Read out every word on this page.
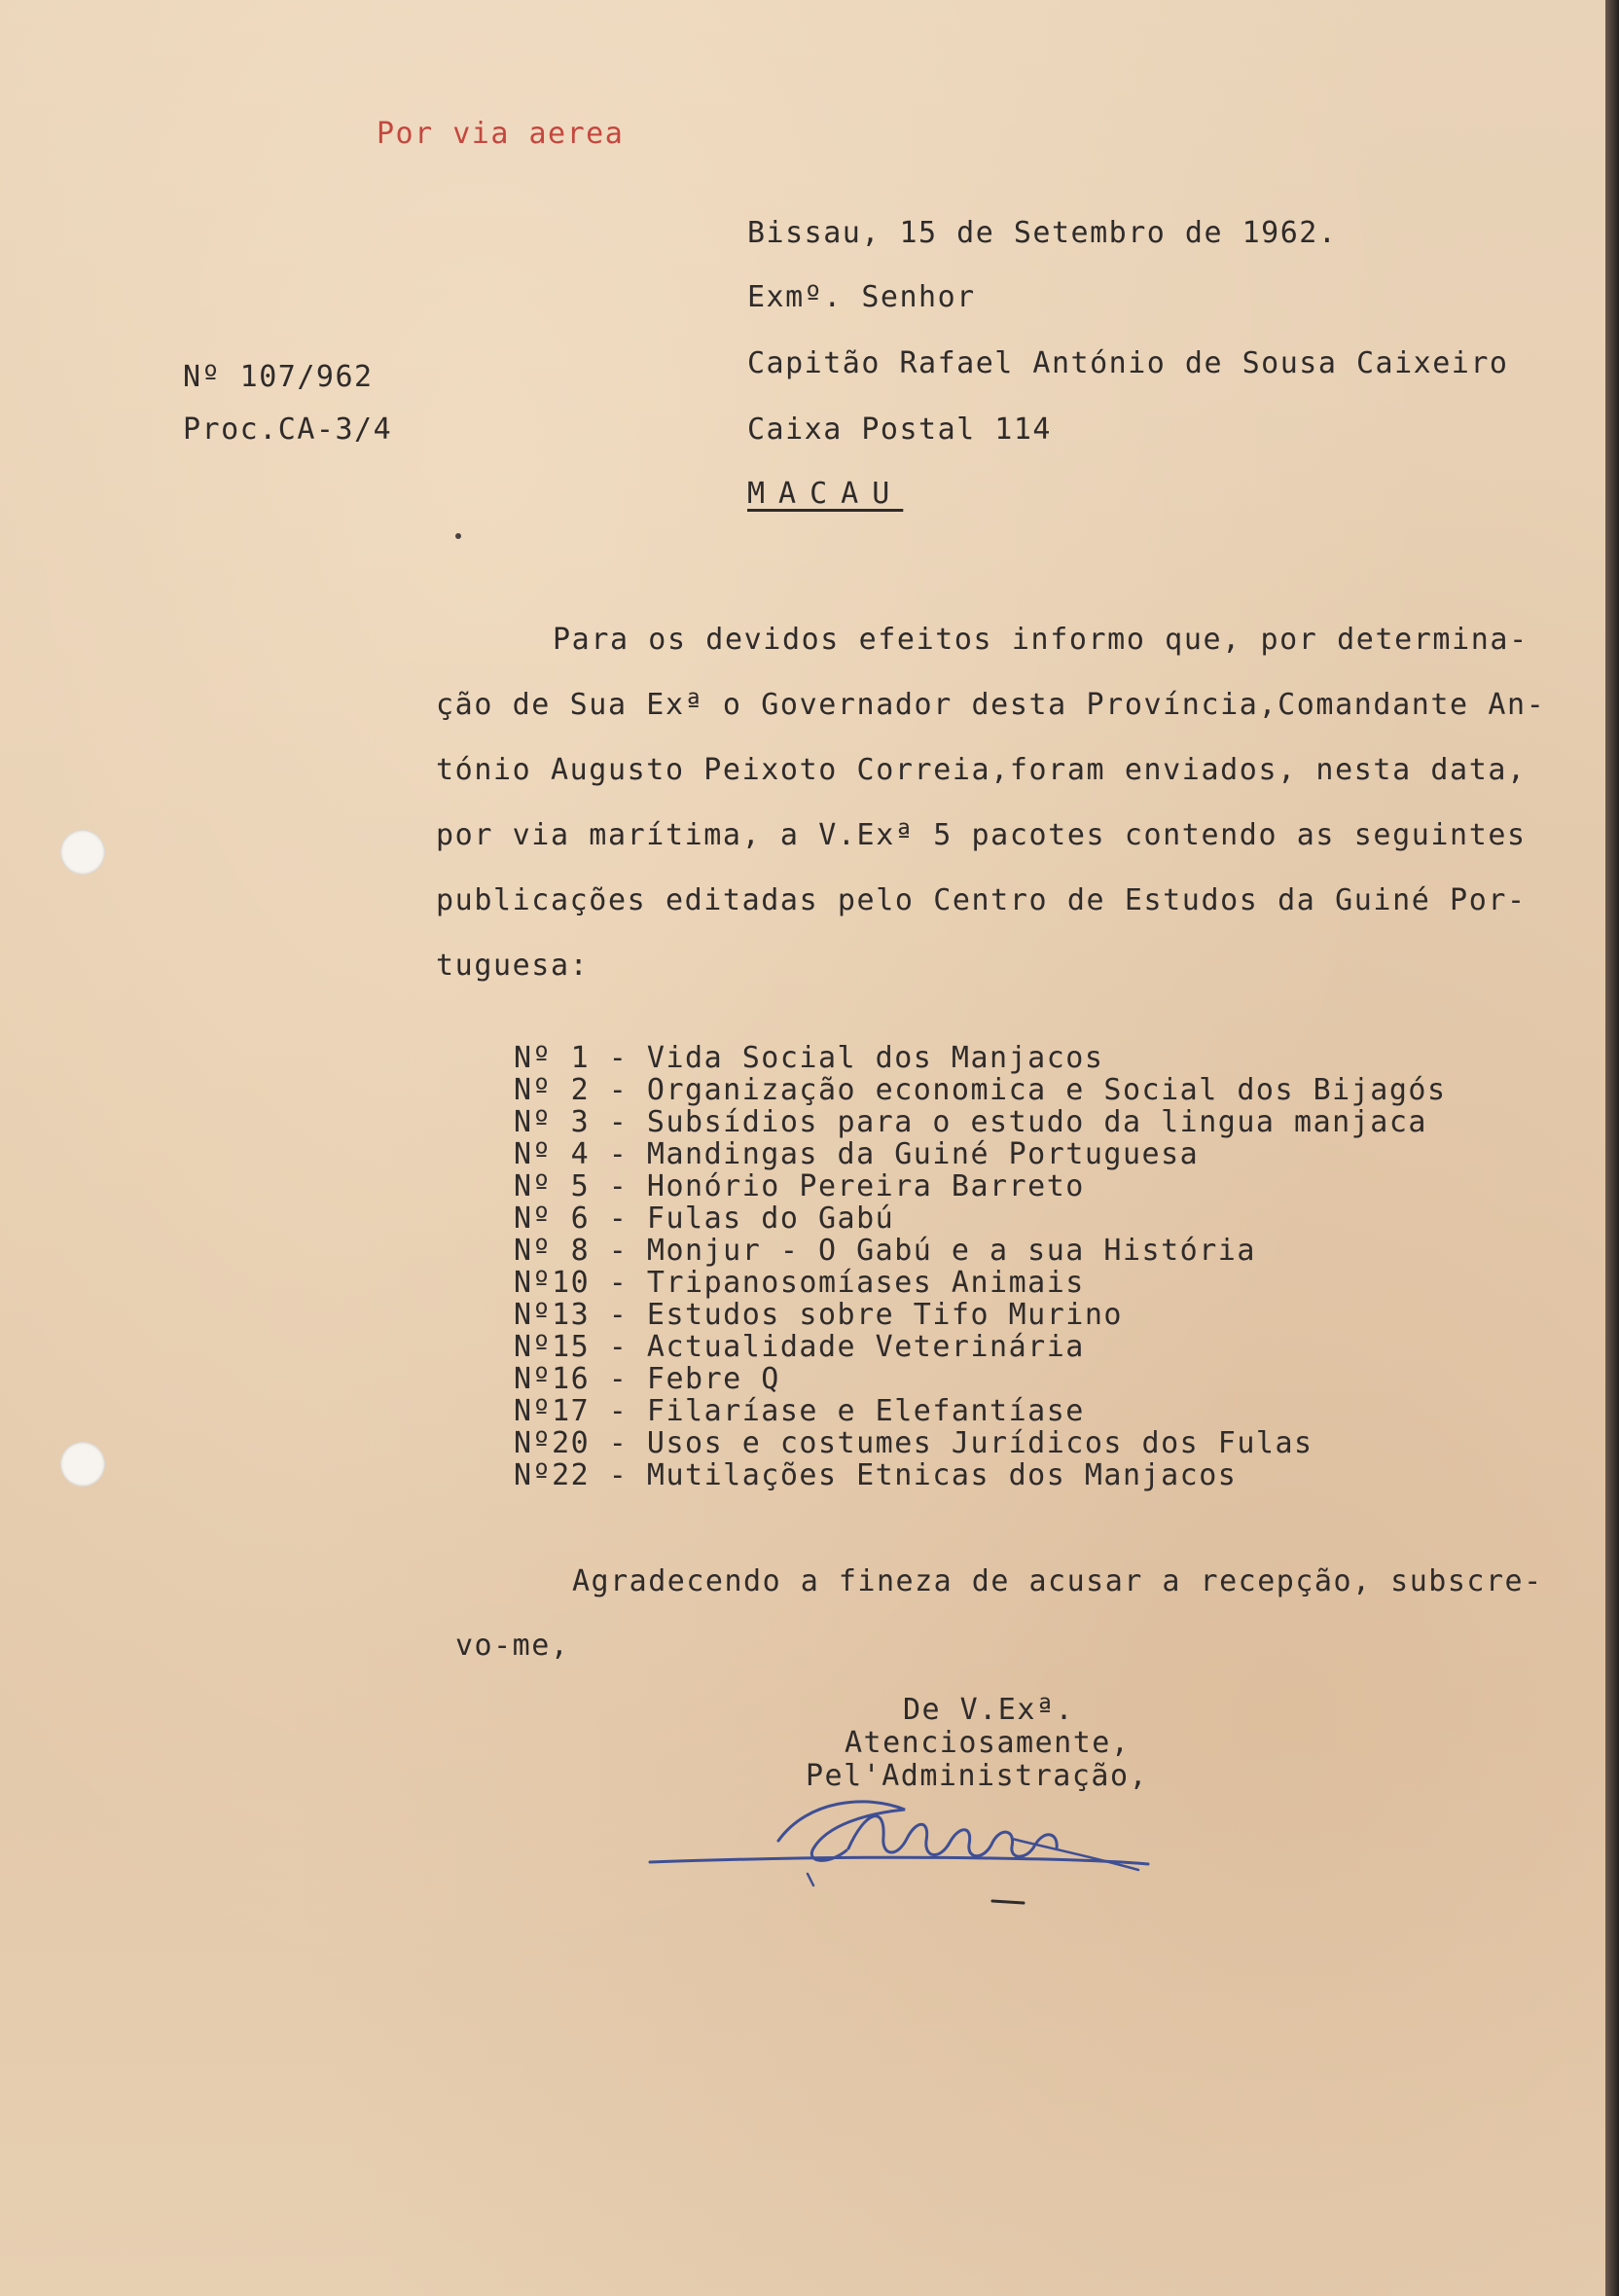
Por via aerea
Bissau, 15 de Setembro de 1962.
Exmº. Senhor
Capitão Rafael António de Sousa Caixeiro
Caixa Postal 114
MACAU
Nº 107/962
Proc.CA-3/4
Para os devidos efeitos informo que, por determina-
ção de Sua Exª o Governador desta Província,Comandante An-
tónio Augusto Peixoto Correia,foram enviados, nesta data,
por via marítima, a V.Exª 5 pacotes contendo as seguintes
publicações editadas pelo Centro de Estudos da Guiné Por-
tuguesa:
Nº 1 - Vida Social dos Manjacos
Nº 2 - Organização economica e Social dos Bijagós
Nº 3 - Subsídios para o estudo da lingua manjaca
Nº 4 - Mandingas da Guiné Portuguesa
Nº 5 - Honório Pereira Barreto
Nº 6 - Fulas do Gabú
Nº 8 - Monjur - O Gabú e a sua História
Nº10 - Tripanosomíases Animais
Nº13 - Estudos sobre Tifo Murino
Nº15 - Actualidade Veterinária
Nº16 - Febre Q
Nº17 - Filaríase e Elefantíase
Nº20 - Usos e costumes Jurídicos dos Fulas
Nº22 - Mutilações Etnicas dos Manjacos
Agradecendo a fineza de acusar a recepção, subscre-
vo-me,
De V.Exª.
Atenciosamente,
Pel'Administração,
